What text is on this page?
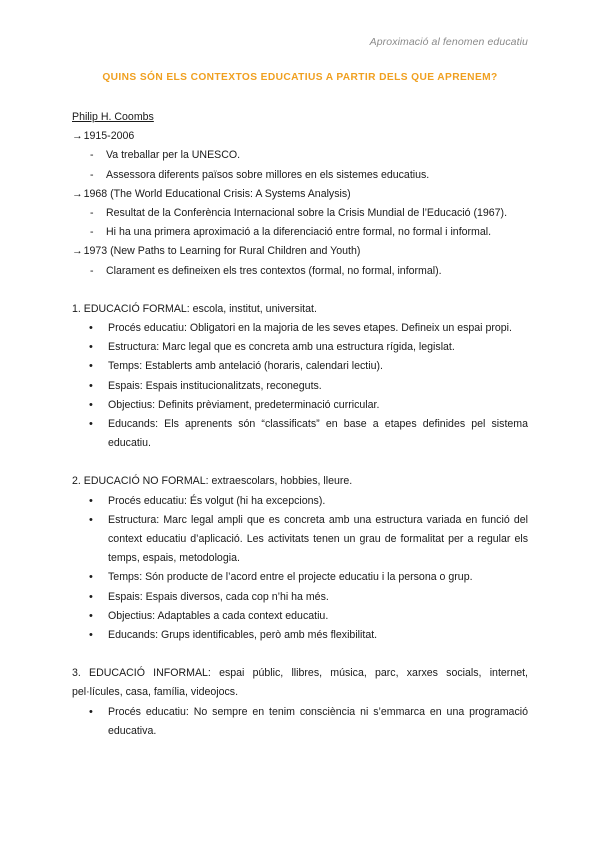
Aproximació al fenomen educatiu
QUINS SÓN ELS CONTEXTOS EDUCATIUS A PARTIR DELS QUE APRENEM?
Philip H. Coombs
→1915-2006
- Va treballar per la UNESCO.
- Assessora diferents països sobre millores en els sistemes educatius.
→1968 (The World Educational Crisis: A Systems Analysis)
- Resultat de la Conferència Internacional sobre la Crisis Mundial de l’Educació (1967).
- Hi ha una primera aproximació a la diferenciació entre formal, no formal i informal.
→1973 (New Paths to Learning for Rural Children and Youth)
- Clarament es defineixen els tres contextos (formal, no formal, informal).
1. EDUCACIÓ FORMAL: escola, institut, universitat.
• Procés educatiu: Obligatori en la majoria de les seves etapes. Defineix un espai propi.
• Estructura: Marc legal que es concreta amb una estructura rígida, legislat.
• Temps: Establerts amb antelació (horaris, calendari lectiu).
• Espais: Espais institucionalitzats, reconeguts.
• Objectius: Definits prèviament, predeterminació curricular.
• Educands: Els aprenents són “classificats” en base a etapes definides pel sistema educatiu.
2. EDUCACIÓ NO FORMAL: extraescolars, hobbies, lleure.
• Procés educatiu: És volgut (hi ha excepcions).
• Estructura: Marc legal ampli que es concreta amb una estructura variada en funció del context educatiu d’aplicació. Les activitats tenen un grau de formalitat per a regular els temps, espais, metodologia.
• Temps: Són producte de l’acord entre el projecte educatiu i la persona o grup.
• Espais: Espais diversos, cada cop n’hi ha més.
• Objectius: Adaptables a cada context educatiu.
• Educands: Grups identificables, però amb més flexibilitat.
3. EDUCACIÓ INFORMAL: espai públic, llibres, música, parc, xarxes socials, internet, pel·lícules, casa, família, videojocs.
• Procés educatiu: No sempre en tenim consciència ni s’emmarca en una programació educativa.
